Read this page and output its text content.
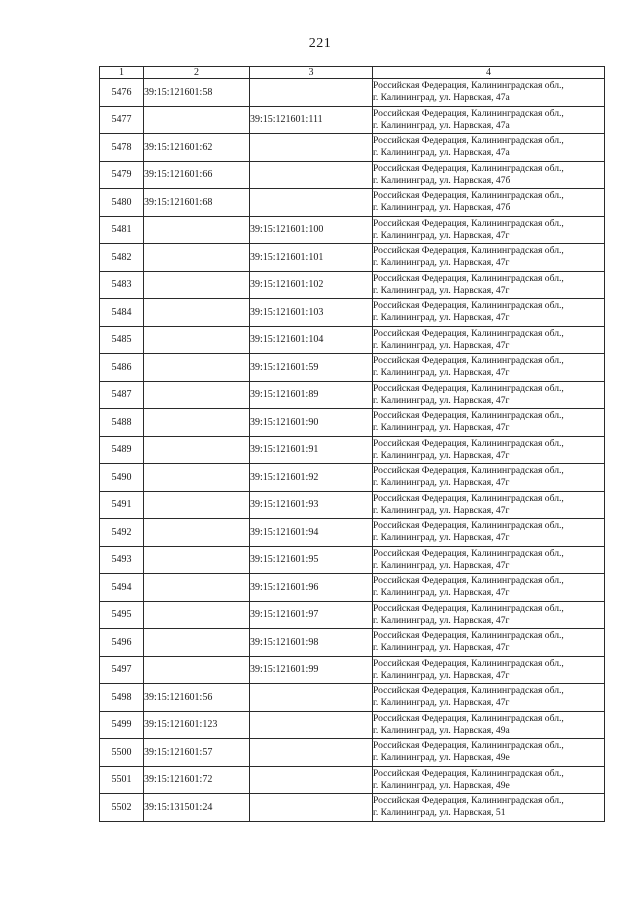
221
1	2	3	4
5476	39:15:121601:58		Российская Федерация, Калининградская обл.,
г. Калининград, ул. Нарвская, 47а

5477		39:15:121601:111	Российская Федерация, Калининградская обл.,
г. Калининград, ул. Нарвская, 47а

5478	39:15:121601:62		Российская Федерация, Калининградская обл.,
г. Калининград, ул. Нарвская, 47а

5479	39:15:121601:66		Российская Федерация, Калининградская обл.,
г. Калининград, ул. Нарвская, 47б

5480	39:15:121601:68		Российская Федерация, Калининградская обл.,
г. Калининград, ул. Нарвская, 47б

5481		39:15:121601:100	Российская Федерация, Калининградская обл.,
г. Калининград, ул. Нарвская, 47г

5482		39:15:121601:101	Российская Федерация, Калининградская обл.,
г. Калининград, ул. Нарвская, 47г

5483		39:15:121601:102	Российская Федерация, Калининградская обл.,
г. Калининград, ул. Нарвская, 47г

5484		39:15:121601:103	Российская Федерация, Калининградская обл.,
г. Калининград, ул. Нарвская, 47г

5485		39:15:121601:104	Российская Федерация, Калининградская обл.,
г. Калининград, ул. Нарвская, 47г

5486		39:15:121601:59	Российская Федерация, Калининградская обл.,
г. Калининград, ул. Нарвская, 47г

5487		39:15:121601:89	Российская Федерация, Калининградская обл.,
г. Калининград, ул. Нарвская, 47г

5488		39:15:121601:90	Российская Федерация, Калининградская обл.,
г. Калининград, ул. Нарвская, 47г

5489		39:15:121601:91	Российская Федерация, Калининградская обл.,
г. Калининград, ул. Нарвская, 47г

5490		39:15:121601:92	Российская Федерация, Калининградская обл.,
г. Калининград, ул. Нарвская, 47г

5491		39:15:121601:93	Российская Федерация, Калининградская обл.,
г. Калининград, ул. Нарвская, 47г

5492		39:15:121601:94	Российская Федерация, Калининградская обл.,
г. Калининград, ул. Нарвская, 47г

5493		39:15:121601:95	Российская Федерация, Калининградская обл.,
г. Калининград, ул. Нарвская, 47г

5494		39:15:121601:96	Российская Федерация, Калининградская обл.,
г. Калининград, ул. Нарвская, 47г

5495		39:15:121601:97	Российская Федерация, Калининградская обл.,
г. Калининград, ул. Нарвская, 47г

5496		39:15:121601:98	Российская Федерация, Калининградская обл.,
г. Калининград, ул. Нарвская, 47г

5497		39:15:121601:99	Российская Федерация, Калининградская обл.,
г. Калининград, ул. Нарвская, 47г

5498	39:15:121601:56		Российская Федерация, Калининградская обл.,
г. Калининград, ул. Нарвская, 47г

5499	39:15:121601:123		Российская Федерация, Калининградская обл.,
г. Калининград, ул. Нарвская, 49а

5500	39:15:121601:57		Российская Федерация, Калининградская обл.,
г. Калининград, ул. Нарвская, 49е

5501	39:15:121601:72		Российская Федерация, Калининградская обл.,
г. Калининград, ул. Нарвская, 49е

5502	39:15:131501:24		Российская Федерация, Калининградская обл.,
г. Калининград, ул. Нарвская, 51
